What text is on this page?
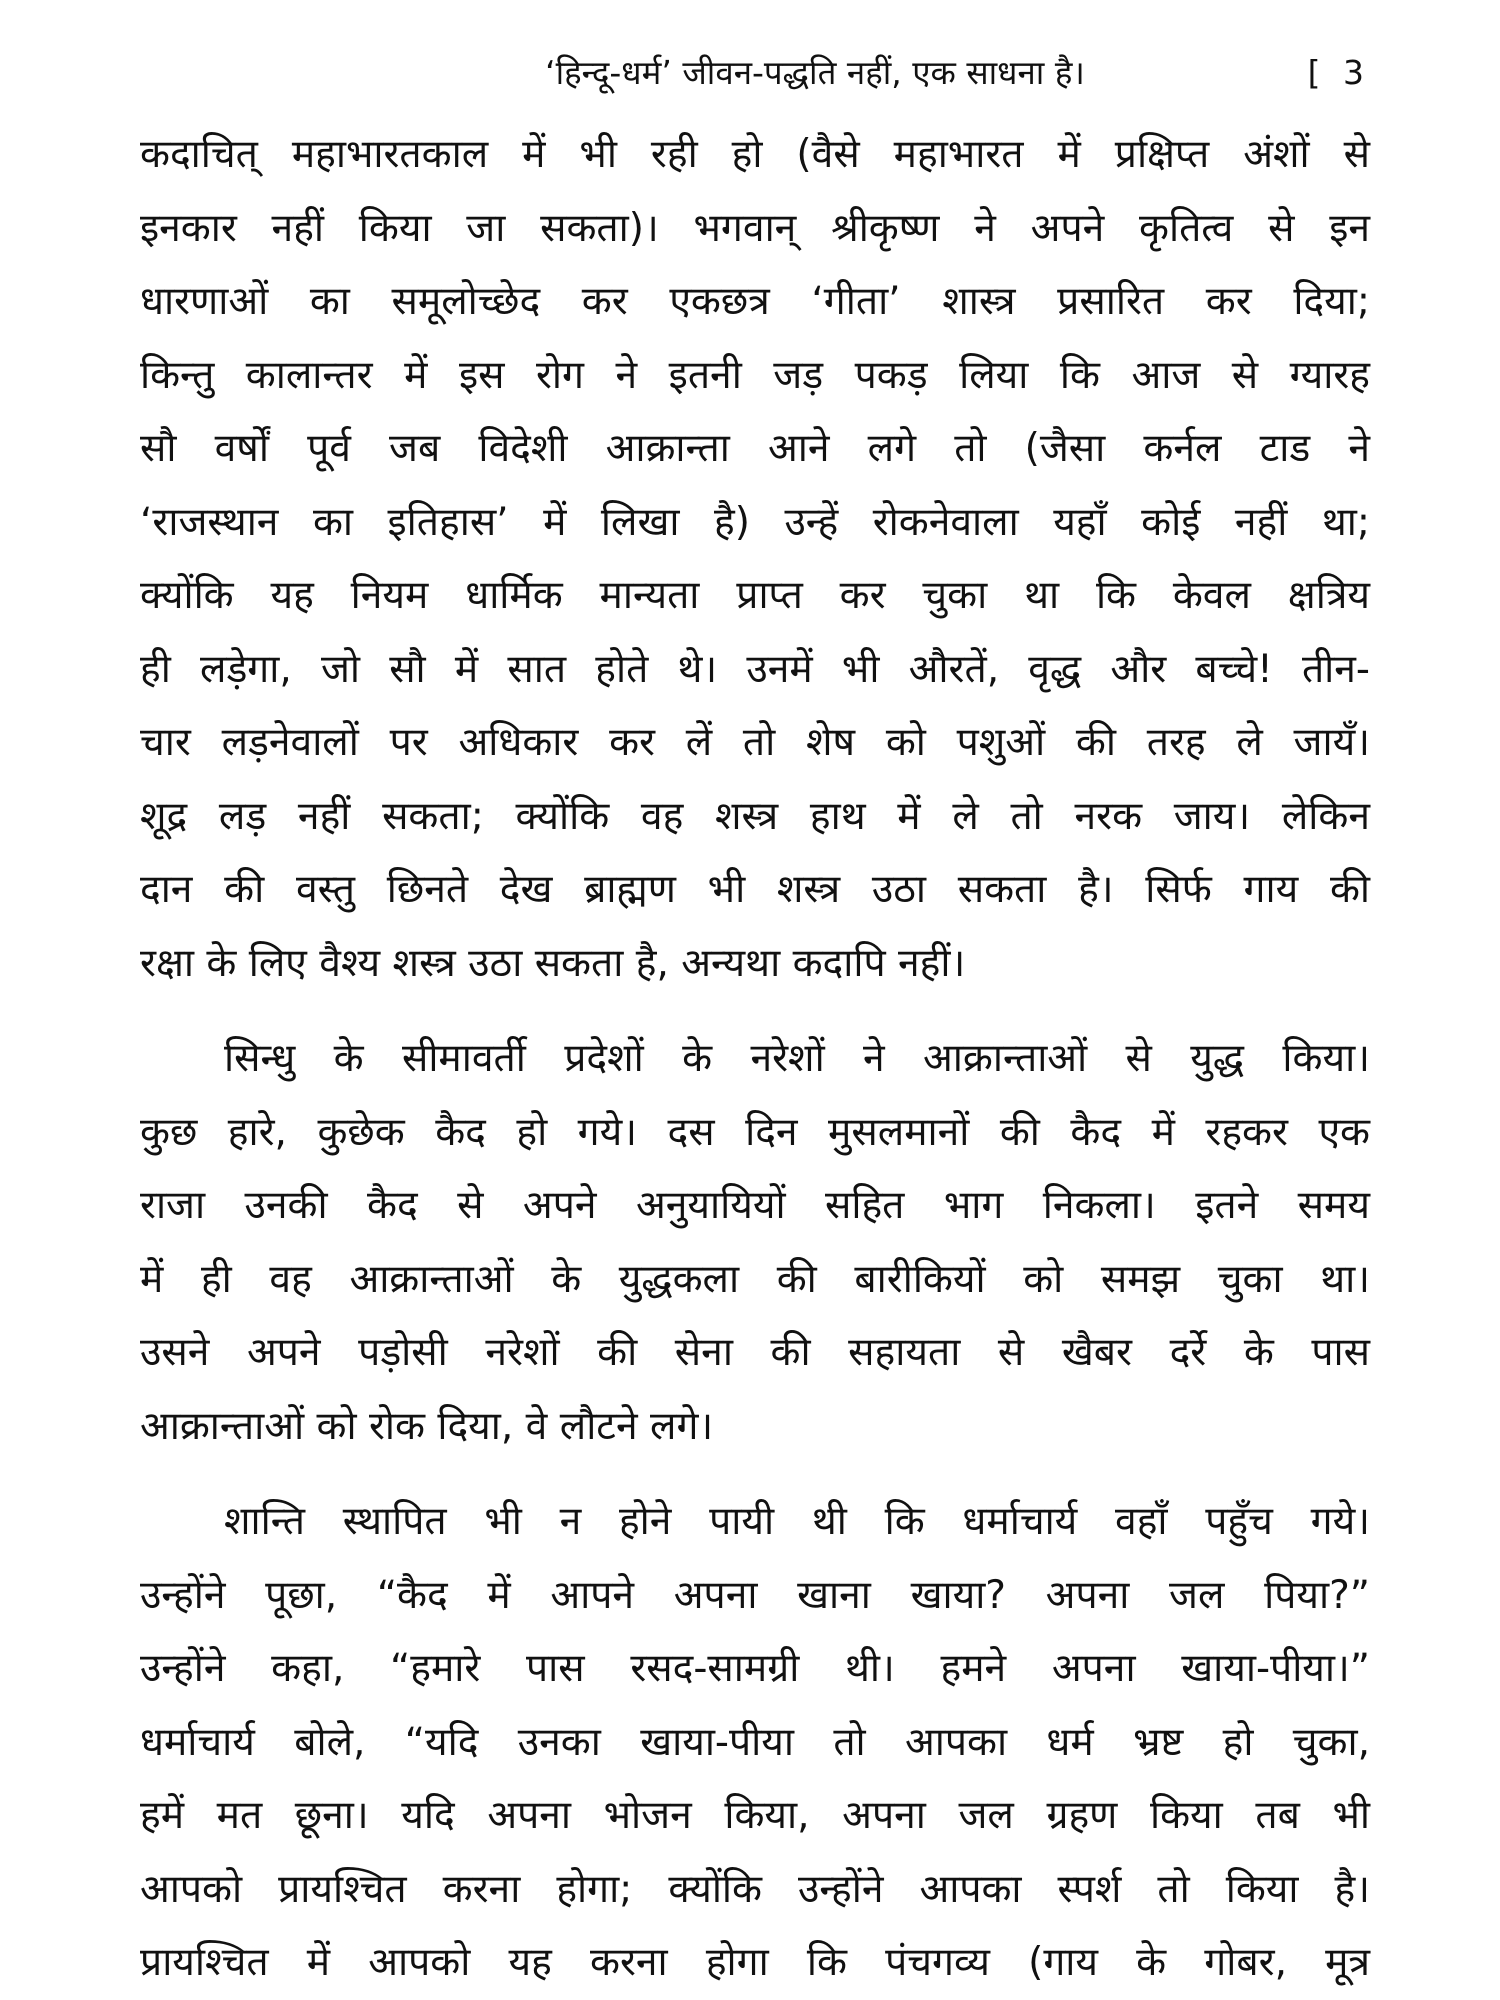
‘हिन्दू-धर्म’ जीवन-पद्धति नहीं, एक साधना है।	[ 3

कदाचित् महाभारतकाल में भी रही हो (वैसे महाभारत में प्रक्षिप्त अंशों से
इनकार नहीं किया जा सकता)। भगवान् श्रीकृष्ण ने अपने कृतित्व से इन
धारणाओं का समूलोच्छेद कर एकछत्र ‘गीता’ शास्त्र प्रसारित कर दिया;
किन्तु कालान्तर में इस रोग ने इतनी जड़ पकड़ लिया कि आज से ग्यारह
सौ वर्षों पूर्व जब विदेशी आक्रान्ता आने लगे तो (जैसा कर्नल टाड ने
‘राजस्थान का इतिहास’ में लिखा है) उन्हें रोकनेवाला यहाँ कोई नहीं था;
क्योंकि यह नियम धार्मिक मान्यता प्राप्त कर चुका था कि केवल क्षत्रिय
ही लड़ेगा, जो सौ में सात होते थे। उनमें भी औरतें, वृद्ध और बच्चे! तीन-
चार लड़नेवालों पर अधिकार कर लें तो शेष को पशुओं की तरह ले जायँ।
शूद्र लड़ नहीं सकता; क्योंकि वह शस्त्र हाथ में ले तो नरक जाय। लेकिन
दान की वस्तु छिनते देख ब्राह्मण भी शस्त्र उठा सकता है। सिर्फ गाय की
रक्षा के लिए वैश्य शस्त्र उठा सकता है, अन्यथा कदापि नहीं।

सिन्धु के सीमावर्ती प्रदेशों के नरेशों ने आक्रान्ताओं से युद्ध किया।
कुछ हारे, कुछेक कैद हो गये। दस दिन मुसलमानों की कैद में रहकर एक
राजा उनकी कैद से अपने अनुयायियों सहित भाग निकला। इतने समय
में ही वह आक्रान्ताओं के युद्धकला की बारीकियों को समझ चुका था।
उसने अपने पड़ोसी नरेशों की सेना की सहायता से खैबर दर्रे के पास
आक्रान्ताओं को रोक दिया, वे लौटने लगे।

शान्ति स्थापित भी न होने पायी थी कि धर्माचार्य वहाँ पहुँच गये।
उन्होंने पूछा, “कैद में आपने अपना खाना खाया? अपना जल पिया?”
उन्होंने कहा, “हमारे पास रसद-सामग्री थी। हमने अपना खाया-पीया।”
धर्माचार्य बोले, “यदि उनका खाया-पीया तो आपका धर्म भ्रष्ट हो चुका,
हमें मत छूना। यदि अपना भोजन किया, अपना जल ग्रहण किया तब भी
आपको प्रायश्चित करना होगा; क्योंकि उन्होंने आपका स्पर्श तो किया है।
प्रायश्चित में आपको यह करना होगा कि पंचगव्य (गाय के गोबर, मूत्र
